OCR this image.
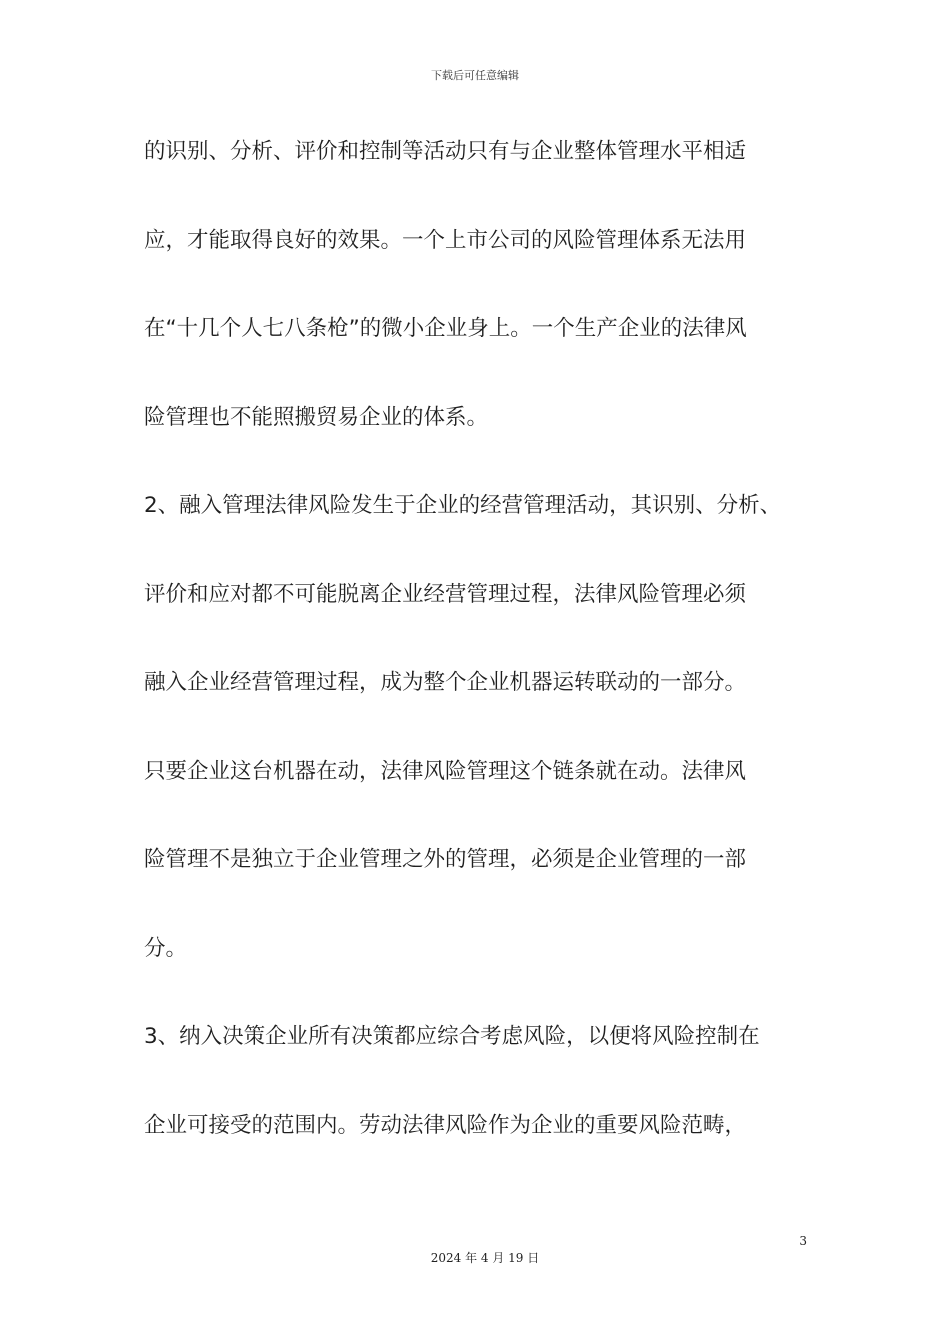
下载后可任意编辑
的识别、分析、评价和控制等活动只有与企业整体管理水平相适
应，才能取得良好的效果。一个上市公司的风险管理体系无法用
在“十几个人七八条枪”的微小企业身上。一个生产企业的法律风
险管理也不能照搬贸易企业的体系。
2、融入管理法律风险发生于企业的经营管理活动，其识别、分析、
评价和应对都不可能脱离企业经营管理过程，法律风险管理必须
融入企业经营管理过程，成为整个企业机器运转联动的一部分。
只要企业这台机器在动，法律风险管理这个链条就在动。法律风
险管理不是独立于企业管理之外的管理，必须是企业管理的一部
分。
3、纳入决策企业所有决策都应综合考虑风险，以便将风险控制在
企业可接受的范围内。劳动法律风险作为企业的重要风险范畴，
3
2024 年 4 月 19 日
